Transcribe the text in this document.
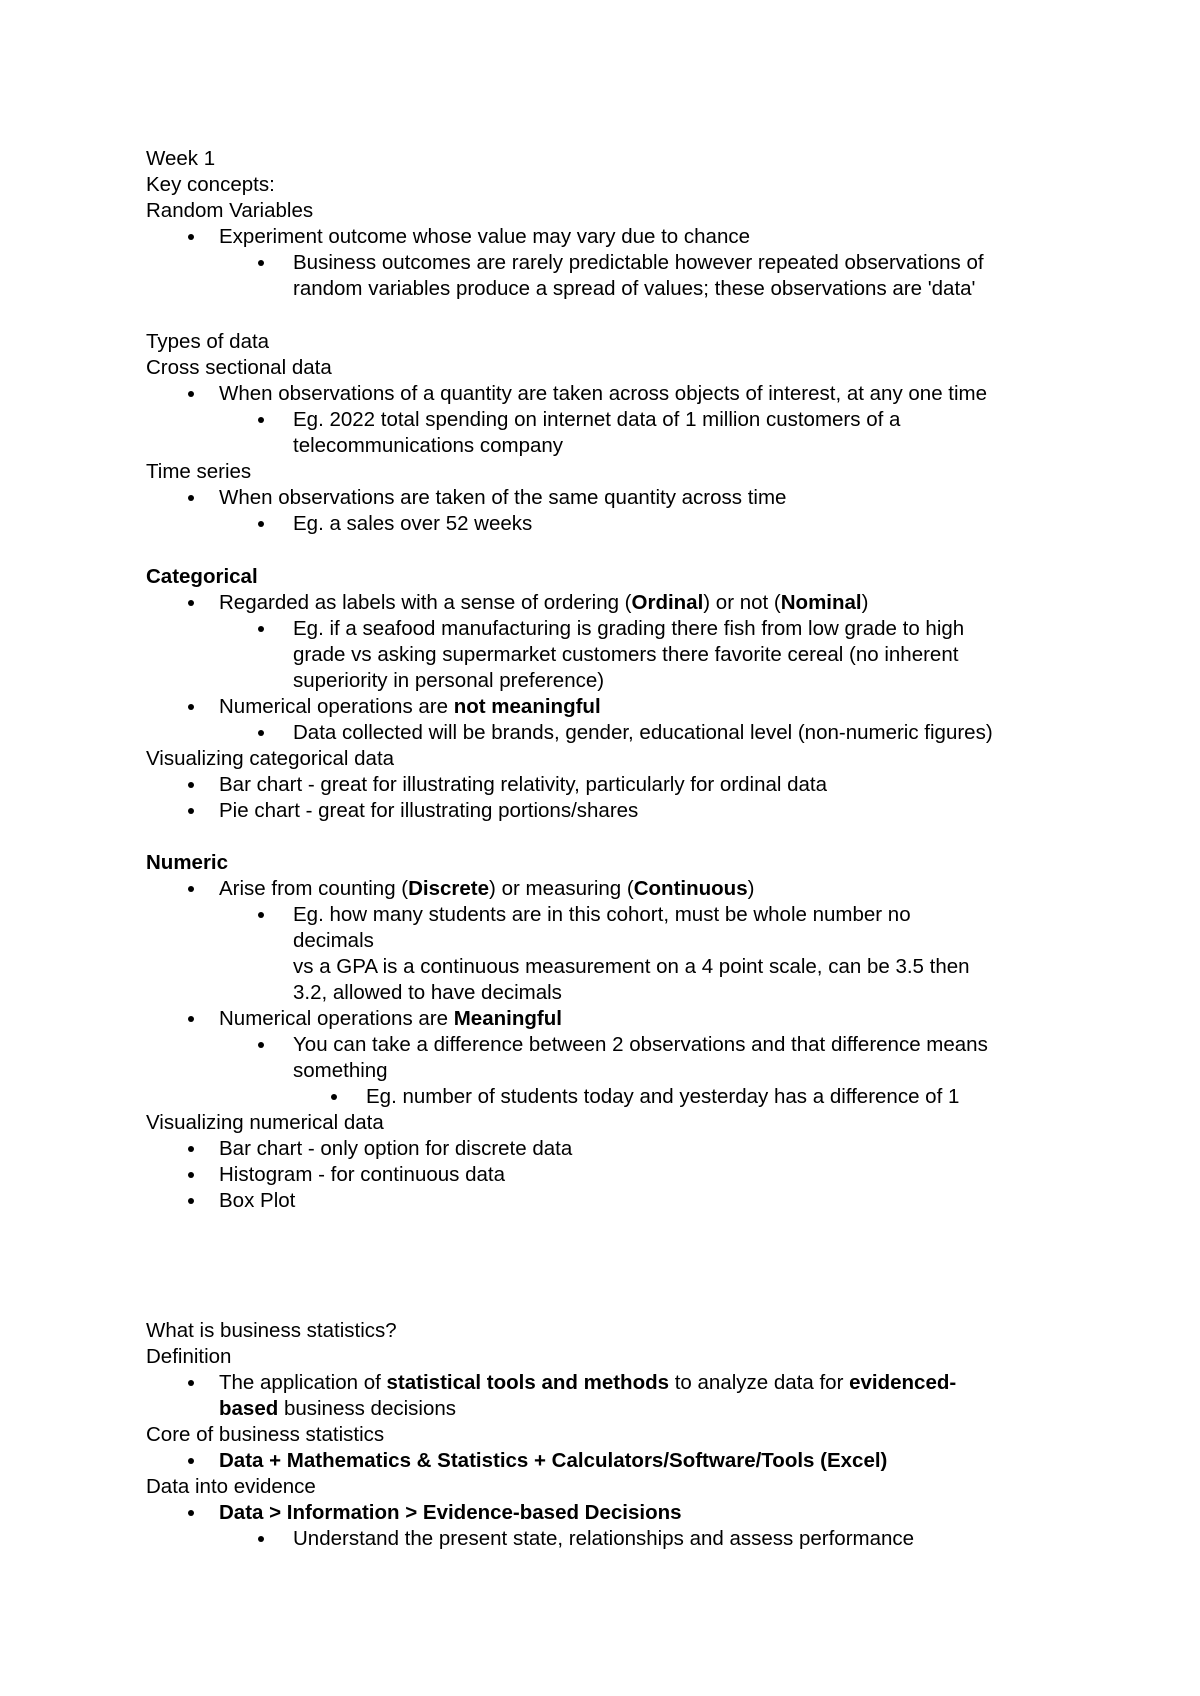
Week 1
Key concepts:
Random Variables
Experiment outcome whose value may vary due to chance
Business outcomes are rarely predictable however repeated observations of
random variables produce a spread of values; these observations are 'data'
Types of data
Cross sectional data
When observations of a quantity are taken across objects of interest, at any one time
Eg. 2022 total spending on internet data of 1 million customers of a
telecommunications company
Time series
When observations are taken of the same quantity across time
Eg. a sales over 52 weeks
Categorical
Regarded as labels with a sense of ordering (Ordinal) or not (Nominal)
Eg. if a seafood manufacturing is grading there fish from low grade to high
grade vs asking supermarket customers there favorite cereal (no inherent
superiority in personal preference)
Numerical operations are not meaningful
Data collected will be brands, gender, educational level (non-numeric figures)
Visualizing categorical data
Bar chart - great for illustrating relativity, particularly for ordinal data
Pie chart - great for illustrating portions/shares
Numeric
Arise from counting (Discrete) or measuring (Continuous)
Eg. how many students are in this cohort, must be whole number no
decimals
vs a GPA is a continuous measurement on a 4 point scale, can be 3.5 then
3.2, allowed to have decimals
Numerical operations are Meaningful
You can take a difference between 2 observations and that difference means
something
Eg. number of students today and yesterday has a difference of 1
Visualizing numerical data
Bar chart - only option for discrete data
Histogram - for continuous data
Box Plot
What is business statistics?
Definition
The application of statistical tools and methods to analyze data for evidenced-
based business decisions
Core of business statistics
Data + Mathematics & Statistics + Calculators/Software/Tools (Excel)
Data into evidence
Data > Information > Evidence-based Decisions
Understand the present state, relationships and assess performance
